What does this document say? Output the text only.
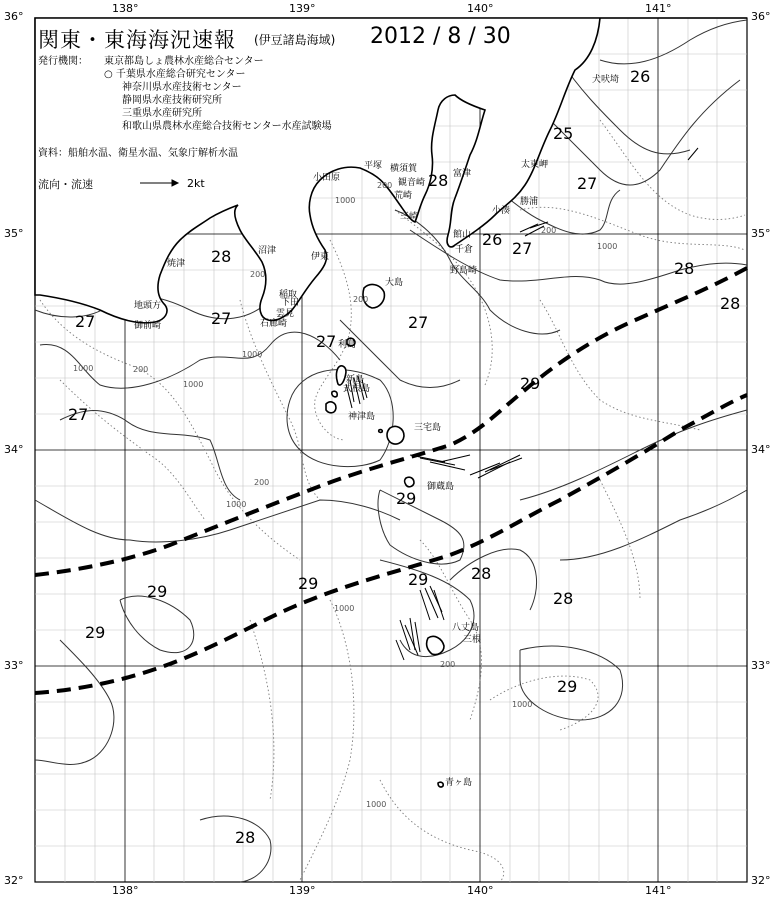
関東・東海海況速報 (伊豆諸島海域) 2012 / 8 / 30
発行機関： 東京都島しょ農林水産総合センター
○ 千葉県水産総合研究センター
神奈川県水産技術センター
静岡県水産技術研究所
三重県水産研究所
和歌山県農林水産総合技術センター水産試験場
資料：船舶水温、衛星水温、気象庁解析水温
流向・流速	2kt
138°	139°	140°	141°
138°	139°	140°	141°
36°
35°
34°
33°
32°
36°
35°
34°
33°
32°
26
25
27
28
28
26 27
28
28
27	27	27
29
27
29
29	29	28
29	28
29
29
28
27
犬吠埼
太東岬
勝浦
小湊
館山
千倉
野島崎
富津
横須賀
観音崎
荒崎
三崎
平塚
小田原
伊東
大島
焼津
沼津
稲取
下田
石廊崎
雲見
地頭方
御前崎
利島
式根島
新島
神津島
三宅島
御蔵島
八丈島
三根
青ヶ島
200
1000
200
1000
200
1000
200
1000
200
1000
200
1000
1000
200
1000
1000
